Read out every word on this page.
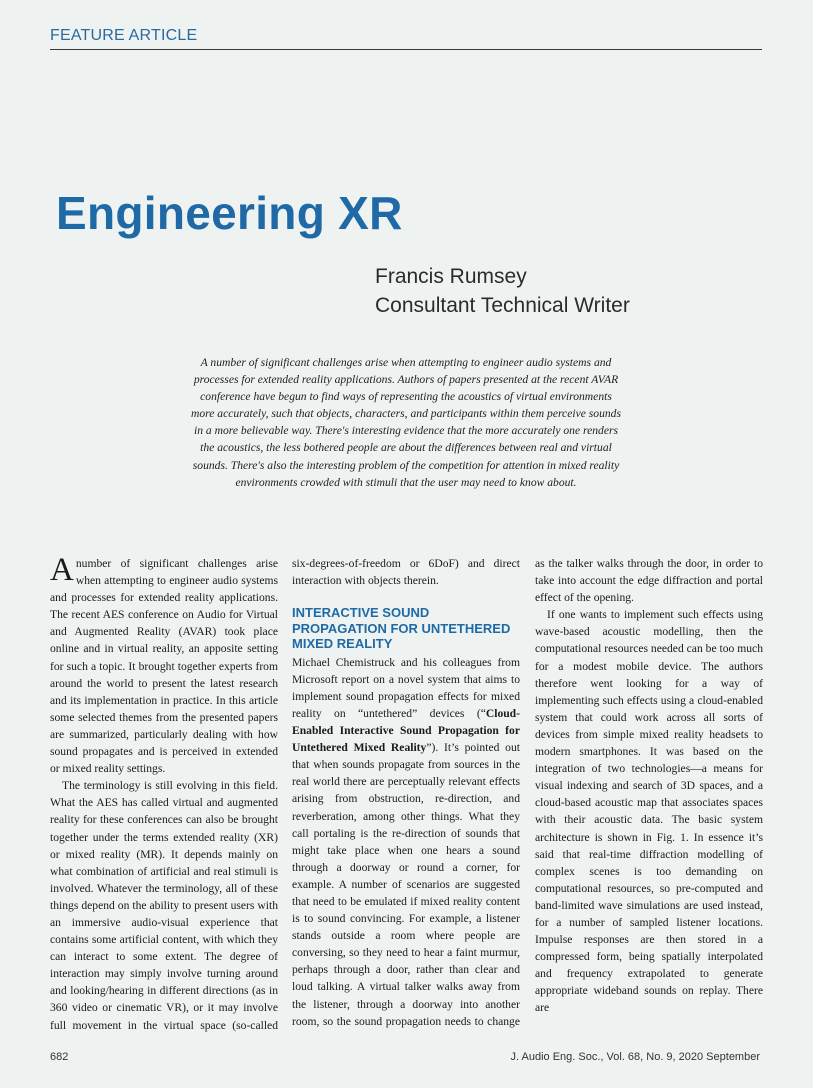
FEATURE ARTICLE
Engineering XR
Francis Rumsey
Consultant Technical Writer
A number of significant challenges arise when attempting to engineer audio systems and processes for extended reality applications. Authors of papers presented at the recent AVAR conference have begun to find ways of representing the acoustics of virtual environments more accurately, such that objects, characters, and participants within them perceive sounds in a more believable way. There's interesting evidence that the more accurately one renders the acoustics, the less bothered people are about the differences between real and virtual sounds. There's also the interesting problem of the competition for attention in mixed reality environments crowded with stimuli that the user may need to know about.

Anumber of significant challenges arise when attempting to engineer audio systems and processes for extended reality applications. The recent AES conference on Audio for Virtual and Augmented Reality (AVAR) took place online and in virtual reality, an apposite setting for such a topic. It brought together experts from around the world to present the latest research and its implementation in practice. In this article some selected themes from the presented papers are summarized, particularly dealing with how sound propagates and is perceived in extended or mixed reality settings.

The terminology is still evolving in this field. What the AES has called virtual and augmented reality for these conferences can also be brought together under the terms extended reality (XR) or mixed reality (MR). It depends mainly on what combination of artificial and real stimuli is involved. Whatever the terminology, all of these things depend on the ability to present users with an immersive audio-visual experience that contains some artificial content, with which they can interact to some extent. The degree of interaction may simply involve turning around and looking/hearing in different directions (as in 360 video or cinematic VR), or it may involve full movement in the virtual space (so-called

six-degrees-of-freedom or 6DoF) and direct interaction with objects therein.

INTERACTIVE SOUND PROPAGATION FOR UNTETHERED MIXED REALITY

Michael Chemistruck and his colleagues from Microsoft report on a novel system that aims to implement sound propagation effects for mixed reality on “untethered” devices (“Cloud-Enabled Interactive Sound Propagation for Untethered Mixed Reality”). It’s pointed out that when sounds propagate from sources in the real world there are perceptually relevant effects arising from obstruction, re-direction, and reverberation, among other things. What they call portaling is the re-direction of sounds that might take place when one hears a sound through a doorway or round a corner, for example. A number of scenarios are suggested that need to be emulated if mixed reality content is to sound convincing. For example, a listener stands outside a room where people are conversing, so they need to hear a faint murmur, perhaps through a door, rather than clear and loud talking. A virtual talker walks away from the listener, through a doorway into another room, so the sound propagation needs to change

as the talker walks through the door, in order to take into account the edge diffraction and portal effect of the opening.

If one wants to implement such effects using wave-based acoustic modelling, then the computational resources needed can be too much for a modest mobile device. The authors therefore went looking for a way of implementing such effects using a cloud-enabled system that could work across all sorts of devices from simple mixed reality headsets to modern smartphones. It was based on the integration of two technologies—a means for visual indexing and search of 3D spaces, and a cloud-based acoustic map that associates spaces with their acoustic data. The basic system architecture is shown in Fig. 1. In essence it’s said that real-time diffraction modelling of complex scenes is too demanding on computational resources, so pre-computed and band-limited wave simulations are used instead, for a number of sampled listener locations. Impulse responses are then stored in a compressed form, being spatially interpolated and frequency extrapolated to generate appropriate wideband sounds on replay. There are

682	J. Audio Eng. Soc., Vol. 68, No. 9, 2020 September
